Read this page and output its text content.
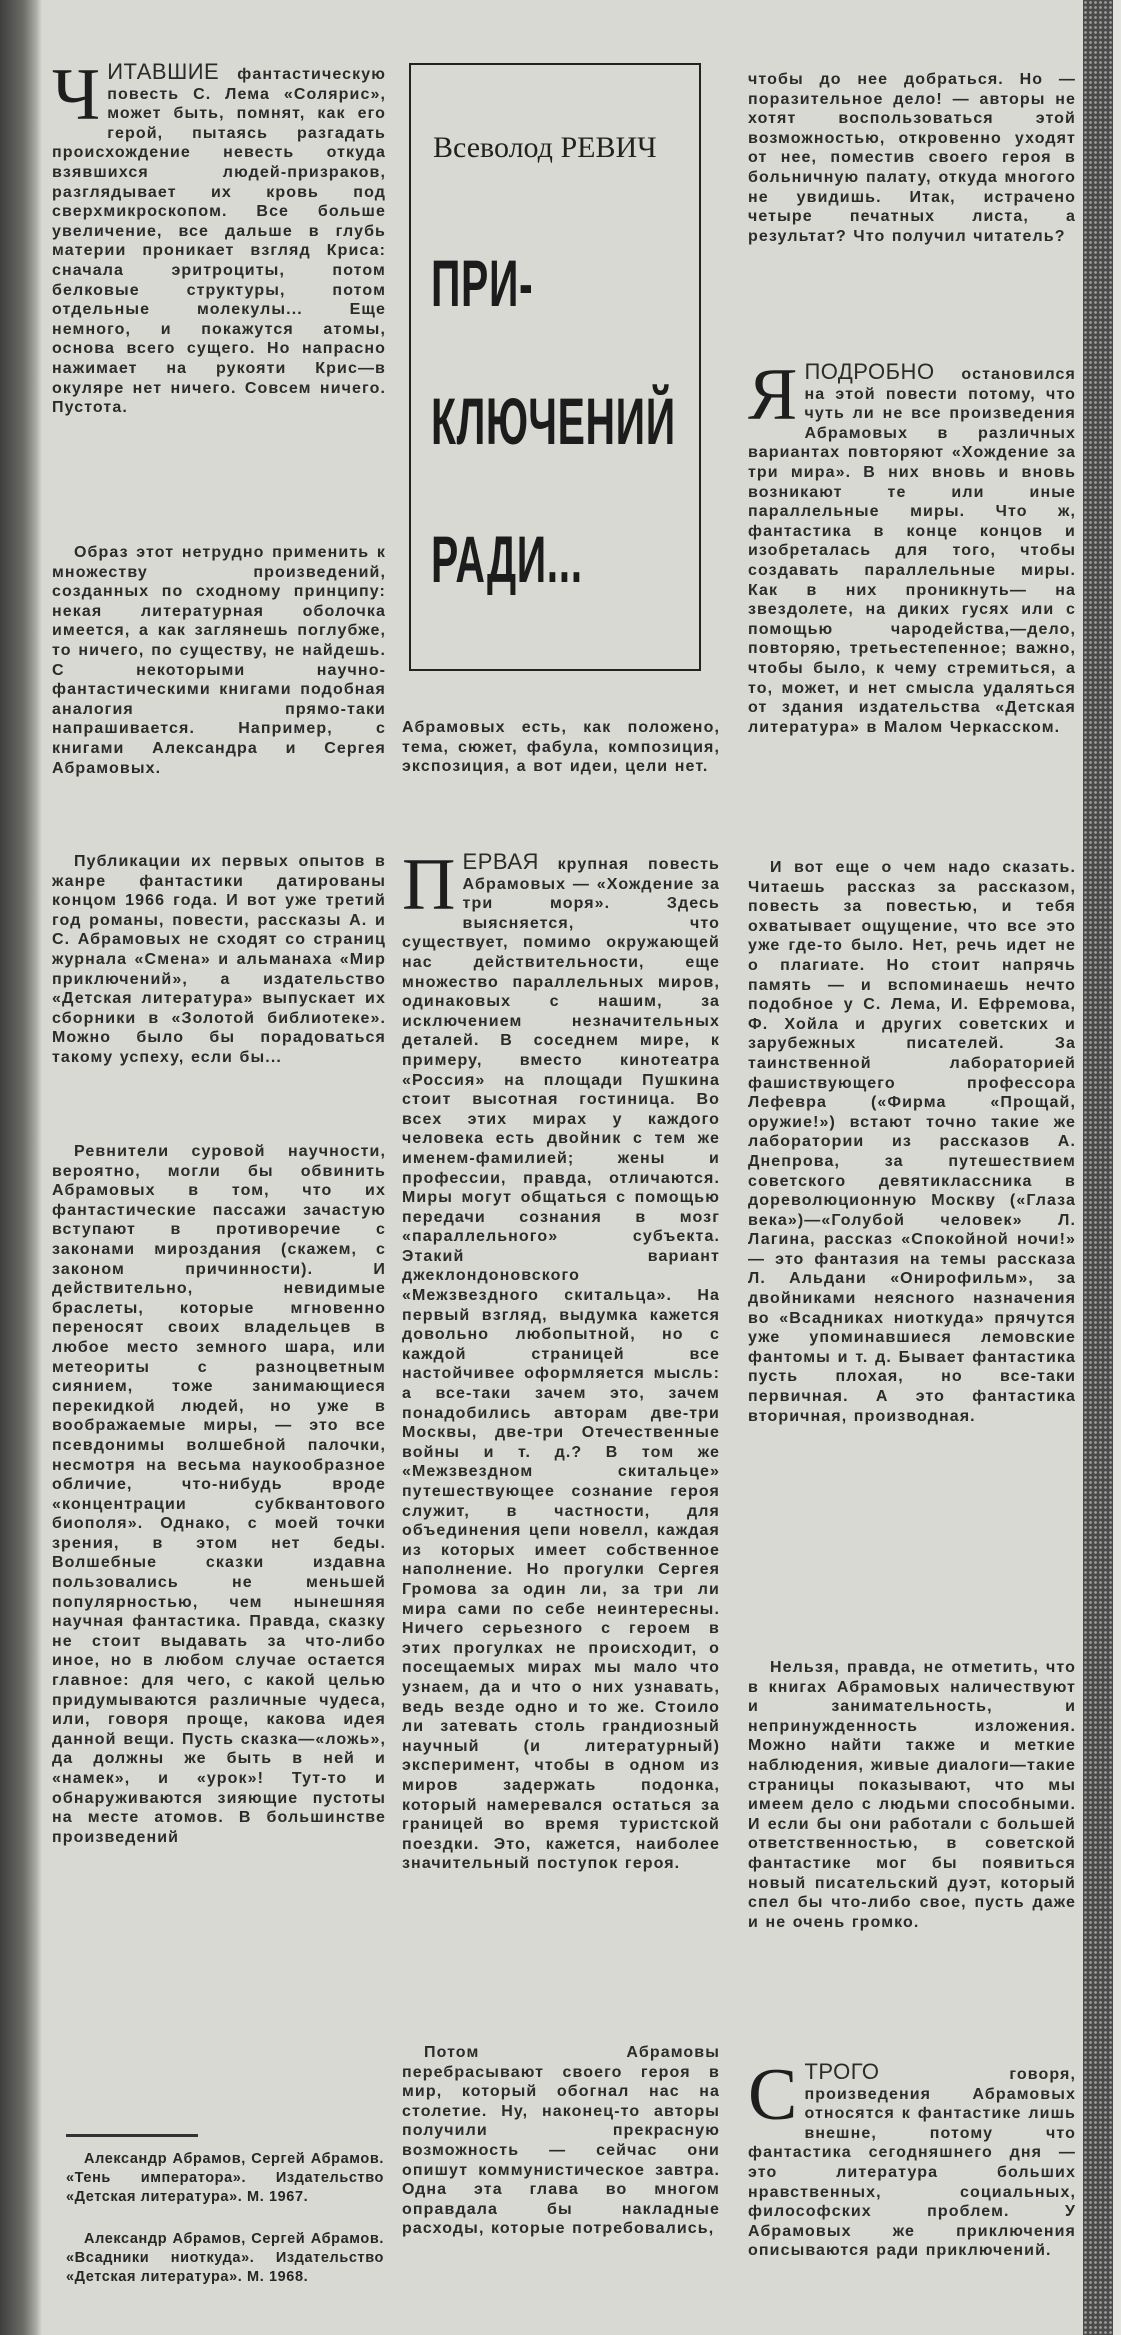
ЧИТАВШИЕ фантастическую повесть С. Лема «Солярис», может быть, помнят, как его герой, пытаясь разгадать происхождение невесть откуда взявшихся людей-призраков, разглядывает их кровь под сверхмикроскопом. Все больше увеличение, все дальше в глубь материи проникает взгляд Криса: сначала эритроциты, потом белковые структуры, потом отдельные молекулы... Еще немного, и покажутся атомы, основа всего сущего. Но напрасно нажимает на рукояти Крис—в окуляре нет ничего. Совсем ничего. Пустота.
Образ этот нетрудно применить к множеству произведений, созданных по сходному принципу: некая литературная оболочка имеется, а как заглянешь поглубже, то ничего, по существу, не найдешь. С некоторыми научно-фантастическими книгами подобная аналогия прямо-таки напрашивается. Например, с книгами Александра и Сергея Абрамовых.
Публикации их первых опытов в жанре фантастики датированы концом 1966 года. И вот уже третий год романы, повести, рассказы А. и С. Абрамовых не сходят со страниц журнала «Смена» и альманаха «Мир приключений», а издательство «Детская литература» выпускает их сборники в «Золотой библиотеке». Можно было бы порадоваться такому успеху, если бы...
Ревнители суровой научности, вероятно, могли бы обвинить Абрамовых в том, что их фантастические пассажи зачастую вступают в противоречие с законами мироздания (скажем, с законом причинности). И действительно, невидимые браслеты, которые мгновенно переносят своих владельцев в любое место земного шара, или метеориты с разноцветным сиянием, тоже занимающиеся перекидкой людей, но уже в воображаемые миры, — это все псевдонимы волшебной палочки, несмотря на весьма наукообразное обличие, что-нибудь вроде «концентрации субквантового биополя». Однако, с моей точки зрения, в этом нет беды. Волшебные сказки издавна пользовались не меньшей популярностью, чем нынешняя научная фантастика. Правда, сказку не стоит выдавать за что-либо иное, но в любом случае остается главное: для чего, с какой целью придумываются различные чудеса, или, говоря проще, какова идея данной вещи. Пусть сказка—«ложь», да должны же быть в ней и «намек», и «урок»! Тут-то и обнаруживаются зияющие пустоты на месте атомов. В большинстве произведений
Александр Абрамов, Сергей Абрамов. «Тень императора». Издательство «Детская литература». М. 1967.
Александр Абрамов, Сергей Абрамов. «Всадники ниоткуда». Издательство «Детская литература». М. 1968.
Всеволод РЕВИЧ
ПРИ-
КЛЮЧЕНИЙ
РАДИ...
Абрамовых есть, как положено, тема, сюжет, фабула, композиция, экспозиция, а вот идеи, цели нет.
ПЕРВАЯ крупная повесть Абрамовых — «Хождение за три моря». Здесь выясняется, что существует, помимо окружающей нас действительности, еще множество параллельных миров, одинаковых с нашим, за исключением незначительных деталей. В соседнем мире, к примеру, вместо кинотеатра «Россия» на площади Пушкина стоит высотная гостиница. Во всех этих мирах у каждого человека есть двойник с тем же именем-фамилией; жены и профессии, правда, отличаются. Миры могут общаться с помощью передачи сознания в мозг «параллельного» субъекта. Этакий вариант джеклондоновского «Межзвездного скитальца». На первый взгляд, выдумка кажется довольно любопытной, но с каждой страницей все настойчивее оформляется мысль: а все-таки зачем это, зачем понадобились авторам две-три Москвы, две-три Отечественные войны и т. д.? В том же «Межзвездном скитальце» путешествующее сознание героя служит, в частности, для объединения цепи новелл, каждая из которых имеет собственное наполнение. Но прогулки Сергея Громова за один ли, за три ли мира сами по себе неинтересны. Ничего серьезного с героем в этих прогулках не происходит, о посещаемых мирах мы мало что узнаем, да и что о них узнавать, ведь везде одно и то же. Стоило ли затевать столь грандиозный научный (и литературный) эксперимент, чтобы в одном из миров задержать подонка, который намеревался остаться за границей во время туристской поездки. Это, кажется, наиболее значительный поступок героя.
Потом Абрамовы перебрасывают своего героя в мир, который обогнал нас на столетие. Ну, наконец-то авторы получили прекрасную возможность — сейчас они опишут коммунистическое завтра. Одна эта глава во многом оправдала бы накладные расходы, которые потребовались,
чтобы до нее добраться. Но — поразительное дело! — авторы не хотят воспользоваться этой возможностью, откровенно уходят от нее, поместив своего героя в больничную палату, откуда многого не увидишь. Итак, истрачено четыре печатных листа, а результат? Что получил читатель?
ЯПОДРОБНО остановился на этой повести потому, что чуть ли не все произведения Абрамовых в различных вариантах повторяют «Хождение за три мира». В них вновь и вновь возникают те или иные параллельные миры. Что ж, фантастика в конце концов и изобреталась для того, чтобы создавать параллельные миры. Как в них проникнуть— на звездолете, на диких гусях или с помощью чародейства,—дело, повторяю, третьестепенное; важно, чтобы было, к чему стремиться, а то, может, и нет смысла удаляться от здания издательства «Детская литература» в Малом Черкасском.
И вот еще о чем надо сказать. Читаешь рассказ за рассказом, повесть за повестью, и тебя охватывает ощущение, что все это уже где-то было. Нет, речь идет не о плагиате. Но стоит напрячь память — и вспоминаешь нечто подобное у С. Лема, И. Ефремова, Ф. Хойла и других советских и зарубежных писателей. За таинственной лабораторией фашиствующего профессора Лефевра («Фирма «Прощай, оружие!») встают точно такие же лаборатории из рассказов А. Днепрова, за путешествием советского девятиклассника в дореволюционную Москву («Глаза века»)—«Голубой человек» Л. Лагина, рассказ «Спокойной ночи!» — это фантазия на темы рассказа Л. Альдани «Онирофильм», за двойниками неясного назначения во «Всадниках ниоткуда» прячутся уже упоминавшиеся лемовские фантомы и т. д. Бывает фантастика пусть плохая, но все-таки первичная. А это фантастика вторичная, производная.
Нельзя, правда, не отметить, что в книгах Абрамовых наличествуют и занимательность, и непринужденность изложения. Можно найти также и меткие наблюдения, живые диалоги—такие страницы показывают, что мы имеем дело с людьми способными. И если бы они работали с большей ответственностью, в советской фантастике мог бы появиться новый писательский дуэт, который спел бы что-либо свое, пусть даже и не очень громко.
СТРОГО говоря, произведения Абрамовых относятся к фантастике лишь внешне, потому что фантастика сегодняшнего дня — это литература больших нравственных, социальных, философских проблем. У Абрамовых же приключения описываются ради приключений.
